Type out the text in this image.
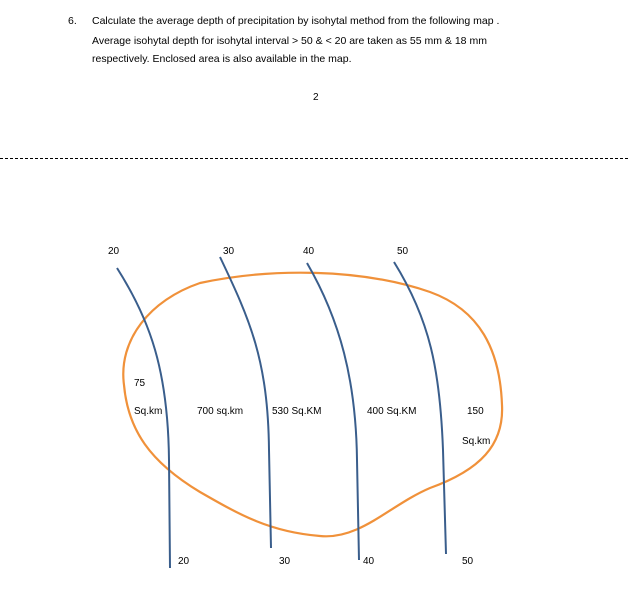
6. Calculate the average depth of precipitation by isohytal method from the following map .
Average isohytal depth for isohytal interval > 50 & < 20 are taken as 55 mm & 18 mm
respectively. Enclosed area is also available in the map.
2
20	30	40	50
20	30	40	50
75
Sq.km	700 sq.km	530 Sq.KM	400 Sq.KM	150
Sq.km
